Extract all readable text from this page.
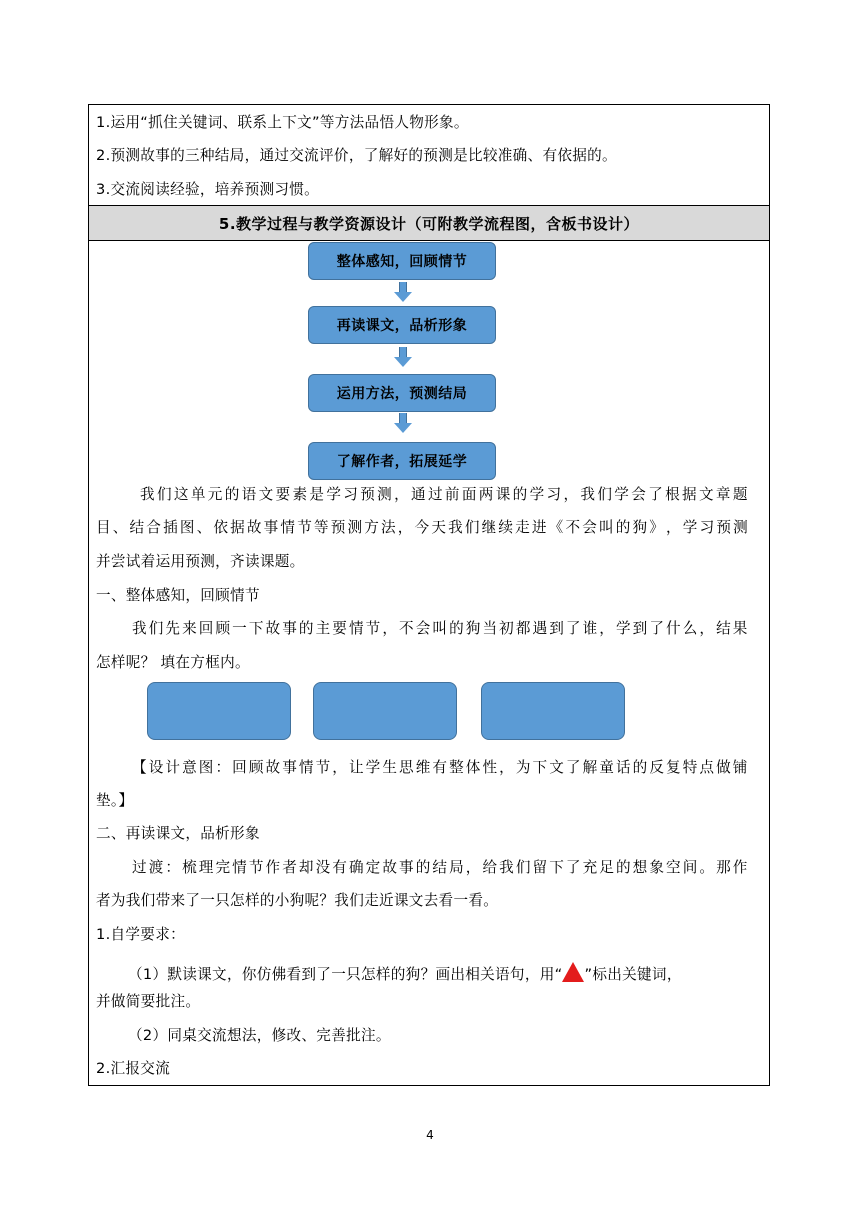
1.运用“抓住关键词、联系上下文”等方法品悟人物形象。
2.预测故事的三种结局，通过交流评价，了解好的预测是比较准确、有依据的。
3.交流阅读经验，培养预测习惯。
5.教学过程与教学资源设计（可附教学流程图，含板书设计）
整体感知，回顾情节
再读课文，品析形象
运用方法，预测结局
了解作者，拓展延学
我 们 这 单 元 的 语 文 要 素 是 学 习 预 测 ， 通 过 前 面 两 课 的 学 习 ， 我 们 学 会 了 根 据 文 章 题
目 、 结 合 插 图 、 依 据 故 事 情 节 等 预 测 方 法 ， 今 天 我 们 继 续 走 进 《 不 会 叫 的 狗 》 ， 学 习 预 测
并尝试着运用预测，齐读课题。
一、整体感知，回顾情节
我 们 先 来 回 顾 一 下 故 事 的 主 要 情 节 ， 不 会 叫 的 狗 当 初 都 遇 到 了 谁 ， 学 到 了 什 么 ， 结 果
怎样呢？ 填在方框内。
【 设 计 意 图 ： 回 顾 故 事 情 节 ， 让 学 生 思 维 有 整 体 性 ， 为 下 文 了 解 童 话 的 反 复 特 点 做 铺
垫。】
二、再读课文，品析形象
过 渡 ： 梳 理 完 情 节 作 者 却 没 有 确 定 故 事 的 结 局 ， 给 我 们 留 下 了 充 足 的 想 象 空 间 。 那 作
者为我们带来了一只怎样的小狗呢？我们走近课文去看一看。
1.自学要求：
（1）默读课文，你仿佛看到了一只怎样的狗？画出相关语句，用“ ”标出关键词，
并做简要批注。
（2）同桌交流想法，修改、完善批注。
2.汇报交流
4
